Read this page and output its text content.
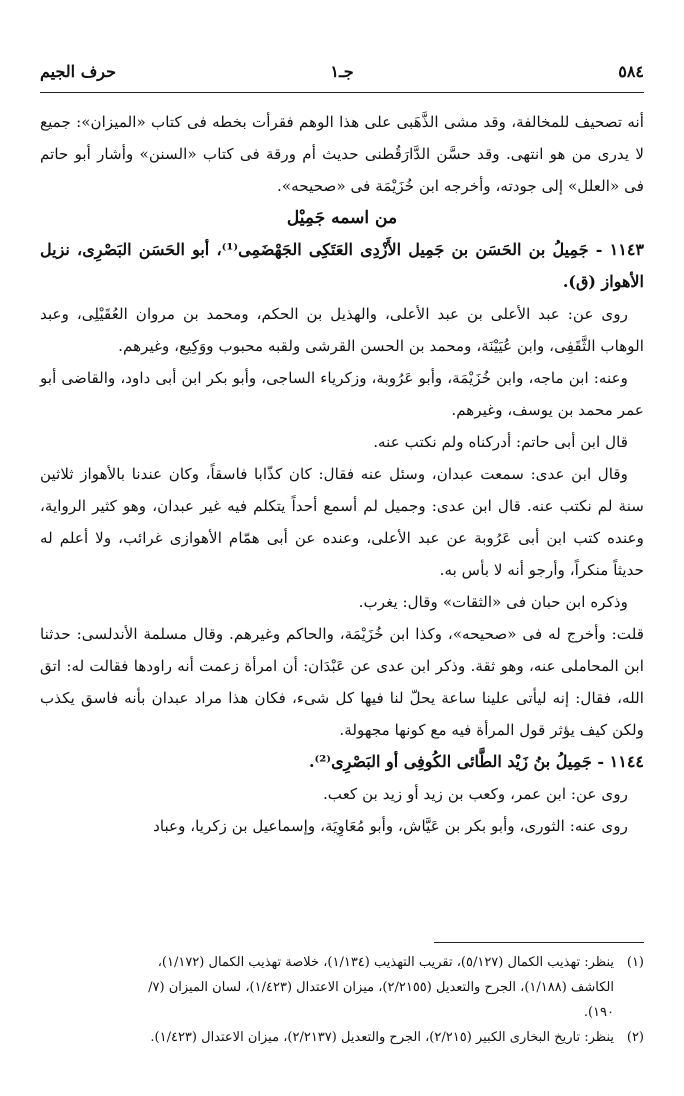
٥٨٤
جـ١
حرف الجيم

أنه تصحيف للمخالفة، وقد مشى الذَّهَبى على هذا الوهم فقرأت بخطه فى كتاب «الميزان»: جميع لا يدرى من هو انتهى. وقد حسَّن الدَّارَقُطنى حديث أم ورقة فى كتاب «السنن» وأشار أبو حاتم فى «العلل» إلى جودته، وأخرجه ابن خُزَيْمَة فى «صحيحه».

من اسمه جَمِيْل

١١٤٣ - جَمِيلُ بن الحَسَن بن جَمِيل الأَزْدِى العَتَكِى الجَهْضَمِى⁽¹⁾، أبو الحَسَن البَصْرِى، نزيل الأهواز (ق).

روى عن: عبد الأعلى بن عبد الأعلى، والهذيل بن الحكم، ومحمد بن مروان العُقَيْلِى، وعبد الوهاب الثَّقَفِى، وابن عُيَيْنَة، ومحمد بن الحسن القرشى ولقبه محبوب ووَكِيع، وغيرهم.

وعنه: ابن ماجه، وابن خُزَيْمَة، وأبو عَرُوبة، وزكرياء الساجى، وأبو بكر ابن أبى داود، والقاضى أبو عمر محمد بن يوسف، وغيرهم.

قال ابن أبى حاتم: أدركناه ولم نكتب عنه.

وقال ابن عدى: سمعت عبدان، وسئل عنه فقال: كان كذّابا فاسقاً، وكان عندنا بالأهواز ثلاثين سنة لم نكتب عنه. قال ابن عدى: وجميل لم أسمع أحداً يتكلم فيه غير عبدان، وهو كثير الرواية، وعنده كتب ابن أبى عَرُوبة عن عبد الأعلى، وعنده عن أبى همّام الأهوازى غرائب، ولا أعلم له حديثاً منكراً، وأرجو أنه لا بأس به.

وذكره ابن حبان فى «الثقات» وقال: يغرب.

قلت: وأخرج له فى «صحيحه»، وكذا ابن خُزَيْمَة، والحاكم وغيرهم. وقال مسلمة الأندلسى: حدثنا ابن المحاملى عنه، وهو ثقة. وذكر ابن عدى عن عَبْدَان: أن امرأة زعمت أنه راودها فقالت له: اتق الله، فقال: إنه ليأتى علينا ساعة يحلّ لنا فيها كل شىء، فكان هذا مراد عبدان بأنه فاسق يكذب ولكن كيف يؤثر قول المرأة فيه مع كونها مجهولة.

١١٤٤ - جَمِيلُ بنُ زَيْد الطَّائى الكُوفِى أو البَصْرِى⁽²⁾.

روى عن: ابن عمر، وكعب بن زيد أو زيد بن كعب.

روى عنه: الثورى، وأبو بكر بن عَيَّاش، وأبو مُعَاوِيَة، وإسماعيل بن زكريا، وعباد

(١)ينظر: تهذيب الكمال (٥/١٢٧)، تقريب التهذيب (١/١٣٤)، خلاصة تهذيب الكمال (١/١٧٢)،

الكاشف (١/١٨٨)، الجرح والتعديل (٢/٢١٥٥)، ميزان الاعتدال (١/٤٢٣)، لسان الميزان (٧/

١٩٠).

(٢)ينظر: تاريخ البخارى الكبير (٢/٢١٥)، الجرح والتعديل (٢/٢١٣٧)، ميزان الاعتدال (١/٤٢٣).
